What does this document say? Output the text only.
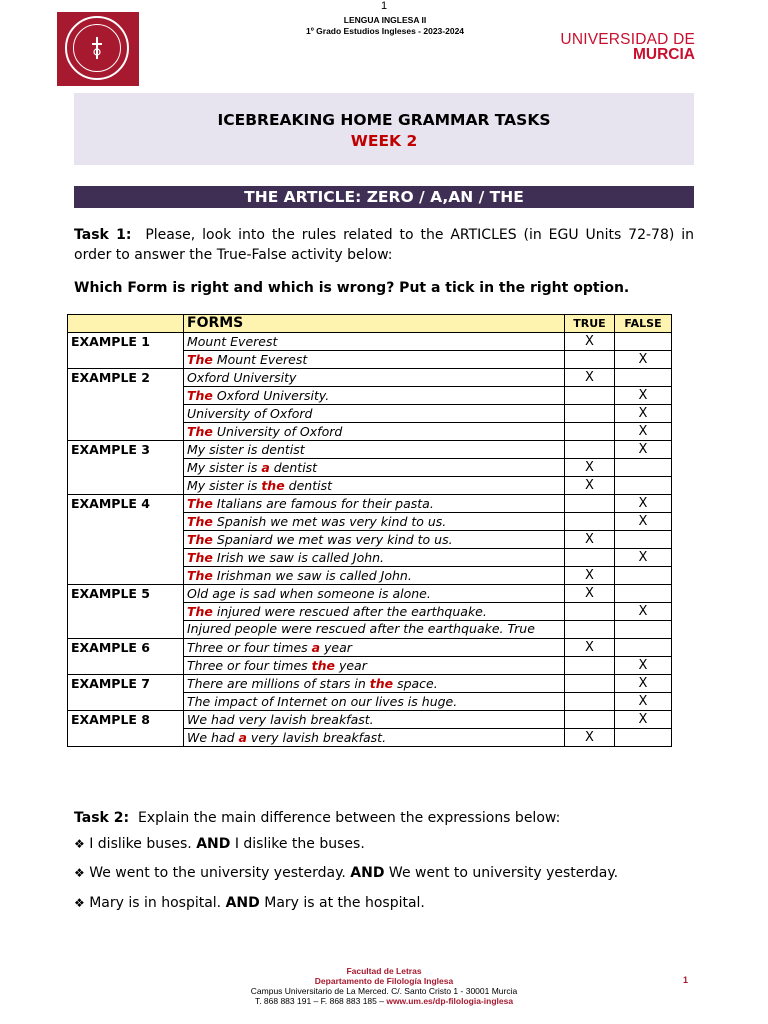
1
LENGUA INGLESA II
1º Grado Estudios Ingleses - 2023-2024	UNIVERSIDAD DE
MURCIA
ICEBREAKING HOME GRAMMAR TASKS
WEEK 2
THE ARTICLE: ZERO / A,AN / THE
Task 1: Please, look into the rules related to the ARTICLES (in EGU Units 72-78) in order to answer the True-False activity below:
Which Form is right and which is wrong? Put a tick in the right option.
	FORMS	TRUE	FALSE
EXAMPLE 1	Mount Everest	X	
	The Mount Everest		X
EXAMPLE 2	Oxford University	X	
	The Oxford University.		X
	University of Oxford		X
	The University of Oxford		X
EXAMPLE 3	My sister is dentist		X
	My sister is a dentist	X	
	My sister is the dentist	X	
EXAMPLE 4	The Italians are famous for their pasta.		X
	The Spanish we met was very kind to us.		X
	The Spaniard we met was very kind to us.	X	
	The Irish we saw is called John.		X
	The Irishman we saw is called John.	X	
EXAMPLE 5	Old age is sad when someone is alone.	X	
	The injured were rescued after the earthquake.		X
	Injured people were rescued after the earthquake. True		
EXAMPLE 6	Three or four times a year	X	
	Three or four times the year		X
EXAMPLE 7	There are millions of stars in the space.		X
	The impact of Internet on our lives is huge.		X
EXAMPLE 8	We had very lavish breakfast.		X
	We had a very lavish breakfast.	X	
Task 2: Explain the main difference between the expressions below:
❖ I dislike buses. AND I dislike the buses.
❖ We went to the university yesterday. AND We went to university yesterday.
❖ Mary is in hospital. AND Mary is at the hospital.
Facultad de Letras
Departamento de Filología Inglesa
Campus Universitario de La Merced. C/. Santo Cristo 1 - 30001 Murcia
T. 868 883 191 – F. 868 883 185 – www.um.es/dp-filologia-inglesa
1
